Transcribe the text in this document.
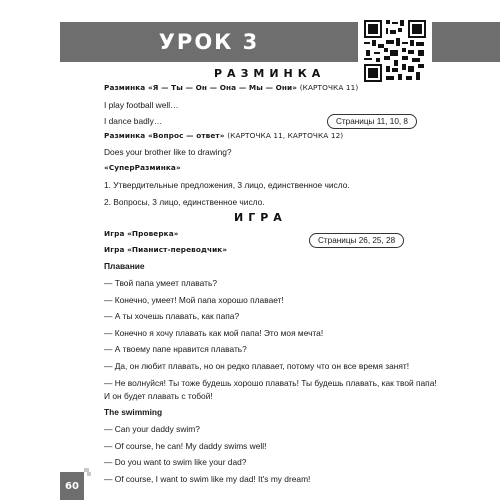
УРОК 3
РАЗМИНКА
Разминка «Я — Ты — Он — Она — Мы — Они» (КАРТОЧКА 11)
I play football well…
I dance badly…	Страницы 11, 10, 8
Разминка «Вопрос — ответ» (КАРТОЧКА 11, КАРТОЧКА 12)
Does your brother like to drawing?
«СуперРазминка»
1. Утвердительные предложения, 3 лицо, единственное число.
2. Вопросы, 3 лицо, единственное число.
ИГРА
Игра «Проверка»
Страницы 26, 25, 28
Игра «Пианист-переводчик»
Плавание
— Твой папа умеет плавать?
— Конечно, умеет! Мой папа хорошо плавает!
— А ты хочешь плавать, как папа?
— Конечно я хочу плавать как мой папа! Это моя мечта!
— А твоему папе нравится плавать?
— Да, он любит плавать, но он редко плавает, потому что он все время занят!
— Не волнуйся! Ты тоже будешь хорошо плавать! Ты будешь плавать, как твой папа!
И он будет плавать с тобой!
The swimming
— Can your daddy swim?
— Of course, he can! My daddy swims well!
— Do you want to swim like your dad?
— Of course, I want to swim like my dad! It's my dream!
60
